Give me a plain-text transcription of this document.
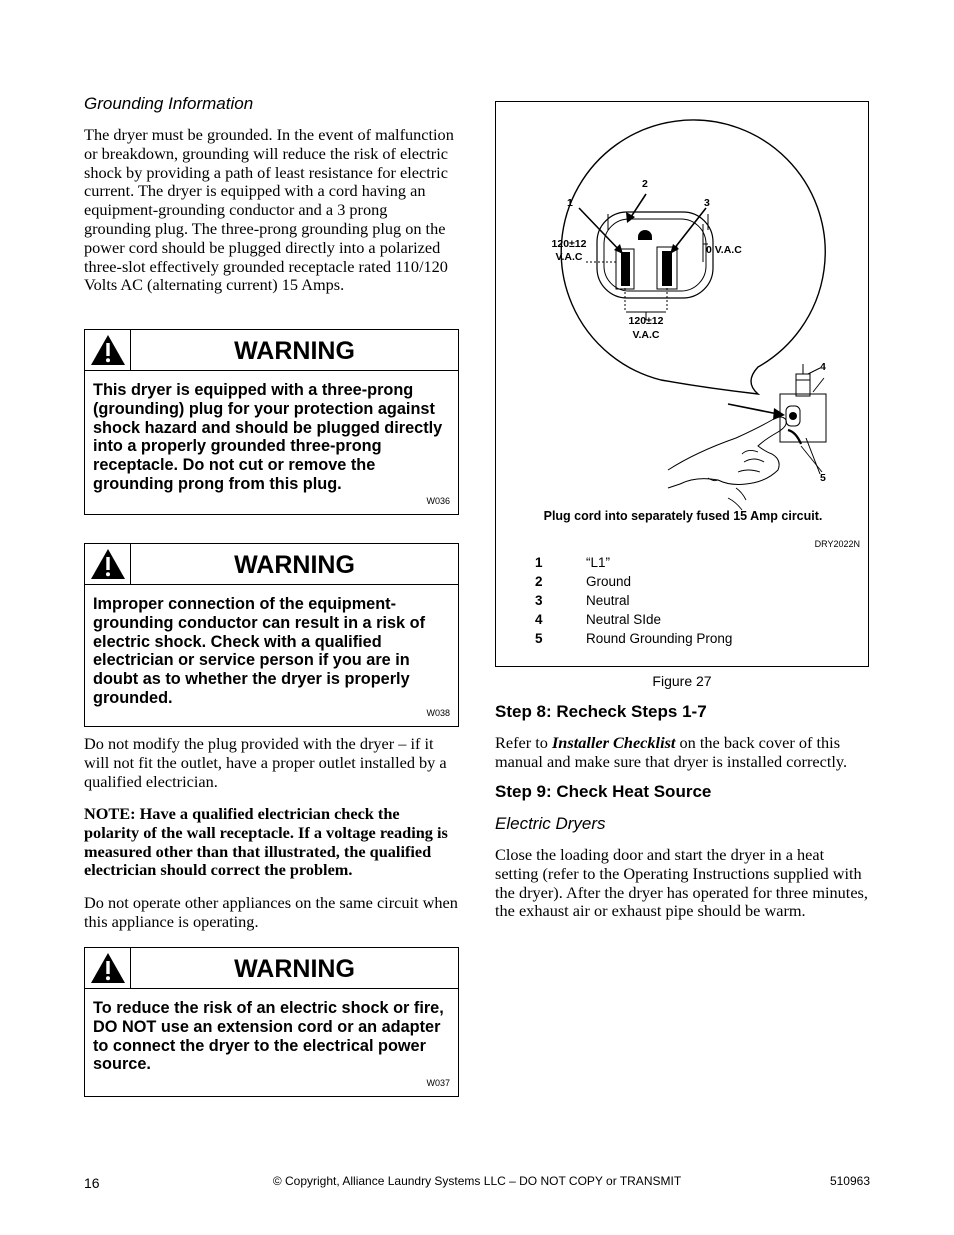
Grounding Information

The dryer must be grounded. In the event of malfunction or breakdown, grounding will reduce the risk of electric shock by providing a path of least resistance for electric current. The dryer is equipped with a cord having an equipment-grounding conductor and a 3 prong grounding plug. The three-prong grounding plug on the power cord should be plugged directly into a polarized three-slot effectively grounded receptacle rated 110/120 Volts AC (alternating current) 15 Amps.

WARNING
This dryer is equipped with a three-prong (grounding) plug for your protection against shock hazard and should be plugged directly into a properly grounded three-prong receptacle. Do not cut or remove the grounding prong from this plug.
W036
WARNING
Improper connection of the equipment-grounding conductor can result in a risk of electric shock. Check with a qualified electrician or service person if you are in doubt as to whether the dryer is properly grounded.
W038

Do not modify the plug provided with the dryer – if it will not fit the outlet, have a proper outlet installed by a qualified electrician.

NOTE: Have a qualified electrician check the polarity of the wall receptacle. If a voltage reading is measured other than that illustrated, the qualified electrician should correct the problem.

Do not operate other appliances on the same circuit when this appliance is operating.

WARNING
To reduce the risk of an electric shock or fire, DO NOT use an extension cord or an adapter to connect the dryer to the electrical power source.
W037
2
1	3
120±12
V.A.C
0 V.A.C
120±12
V.A.C
4
5
Plug cord into separately fused 15 Amp circuit.
DRY2022N
1	“L1”
2	Ground
3	Neutral
4	Neutral SIde
5	Round Grounding Prong
Figure 27
Step 8: Recheck Steps 1-7

Refer to Installer Checklist on the back cover of this manual and make sure that dryer is installed correctly.

Step 9: Check Heat Source
Electric Dryers

Close the loading door and start the dryer in a heat setting (refer to the Operating Instructions supplied with the dryer). After the dryer has operated for three minutes, the exhaust air or exhaust pipe should be warm.

16	© Copyright, Alliance Laundry Systems LLC – DO NOT COPY or TRANSMIT	510963
